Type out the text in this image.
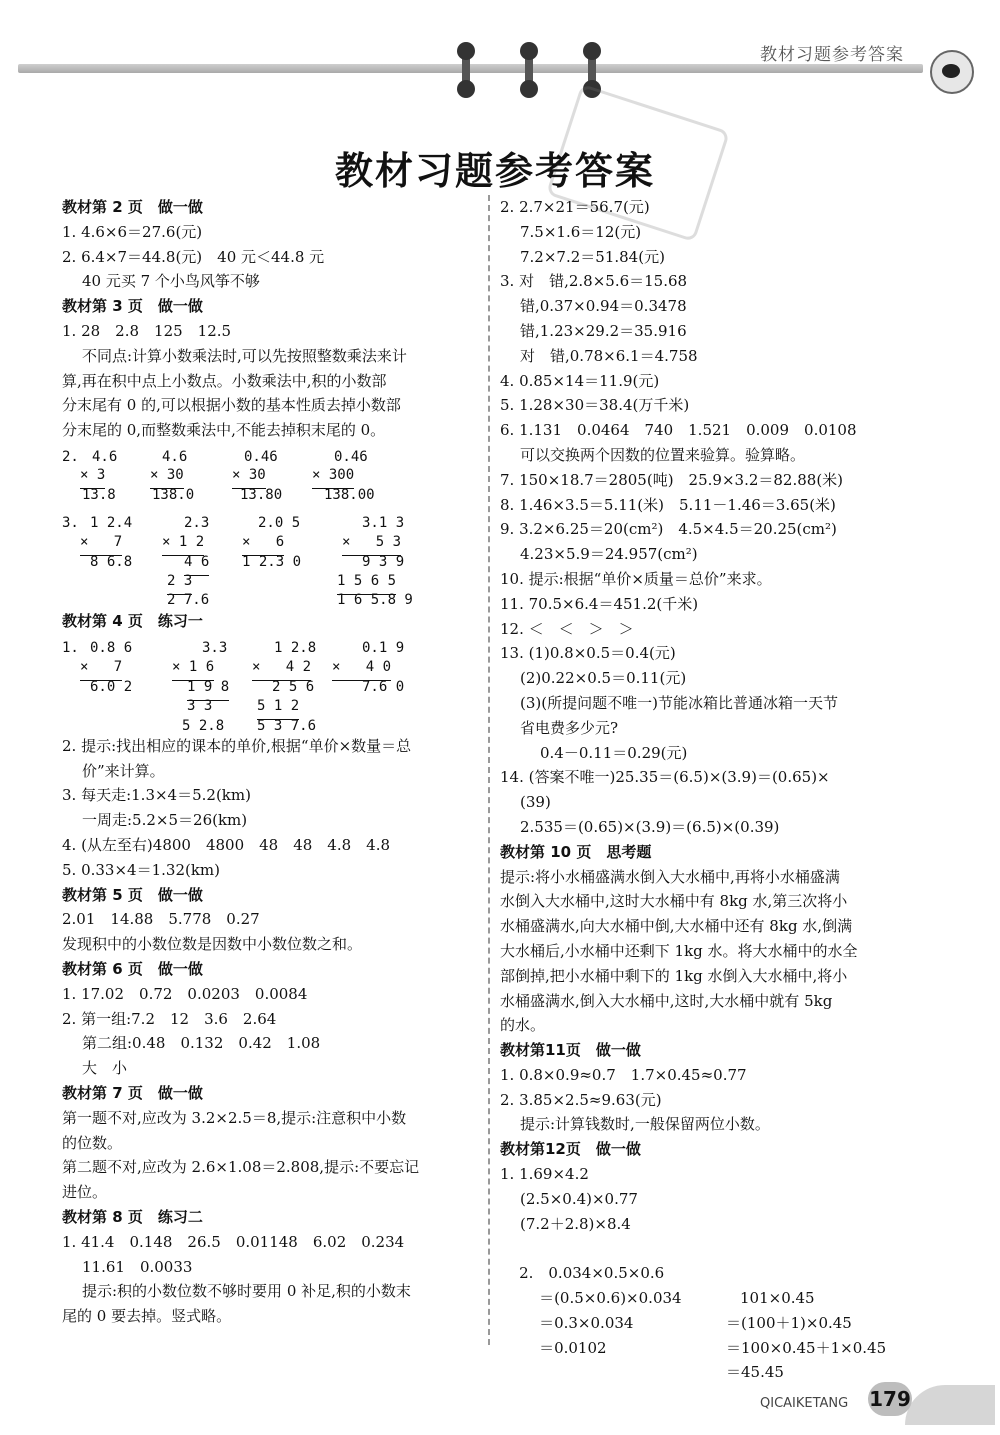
教材习题参考答案
教材习题参考答案
教材第 2 页　做一做
1. 4.6×6＝27.6(元)
2. 6.4×7＝44.8(元)　40 元＜44.8 元
40 元买 7 个小鸟风筝不够
教材第 3 页　做一做
1. 28　2.8　125　12.5
不同点:计算小数乘法时,可以先按照整数乘法来计
算,再在积中点上小数点。小数乘法中,积的小数部
分末尾有 0 的,可以根据小数的基本性质去掉小数部
分末尾的 0,而整数乘法中,不能去掉积末尾的 0。
2. 4.6
× 3
13.8
4.6
× 30
138.0
0.46
× 30
13.80
0.46
× 300
138.00
3. 1 2.4
×   7
8 6.8
2.3
× 1 2
4 6
2 3
2 7.6
2.0 5
×   6
1 2.3 0
3.1 3
×   5 3
9 3 9
1 5 6 5
1 6 5.8 9
教材第 4 页　练习一
1. 0.8 6
×   7
6.0 2
3.3
× 1 6
1 9 8
3 3
5 2.8
1 2.8
×   4 2
2 5 6
5 1 2
5 3 7.6
0.1 9
×   4 0
7.6 0
2. 提示:找出相应的课本的单价,根据“单价×数量＝总
价”来计算。
3. 每天走:1.3×4＝5.2(km)
一周走:5.2×5＝26(km)
4. (从左至右)4800　4800　48　48　4.8　4.8
5. 0.33×4＝1.32(km)
教材第 5 页　做一做
2.01　14.88　5.778　0.27
发现积中的小数位数是因数中小数位数之和。
教材第 6 页　做一做
1. 17.02　0.72　0.0203　0.0084
2. 第一组:7.2　12　3.6　2.64
第二组:0.48　0.132　0.42　1.08
大　小
教材第 7 页　做一做
第一题不对,应改为 3.2×2.5＝8,提示:注意积中小数
的位数。
第二题不对,应改为 2.6×1.08＝2.808,提示:不要忘记
进位。
教材第 8 页　练习二
1. 41.4　0.148　26.5　0.01148　6.02　0.234
11.61　0.0033
提示:积的小数位数不够时要用 0 补足,积的小数末
尾的 0 要去掉。竖式略。
2. 2.7×21＝56.7(元)
7.5×1.6＝12(元)
7.2×7.2＝51.84(元)
3. 对　错,2.8×5.6＝15.68
错,0.37×0.94＝0.3478
错,1.23×29.2＝35.916
对　错,0.78×6.1＝4.758
4. 0.85×14＝11.9(元)
5. 1.28×30＝38.4(万千米)
6. 1.131　0.0464　740　1.521　0.009　0.0108
可以交换两个因数的位置来验算。验算略。
7. 150×18.7＝2805(吨)　25.9×3.2＝82.88(米)
8. 1.46×3.5＝5.11(米)　5.11－1.46＝3.65(米)
9. 3.2×6.25＝20(cm²)　4.5×4.5＝20.25(cm²)
4.23×5.9＝24.957(cm²)
10. 提示:根据“单价×质量＝总价”来求。
11. 70.5×6.4＝451.2(千米)
12. ＜　＜　＞　＞
13. (1)0.8×0.5＝0.4(元)
(2)0.22×0.5＝0.11(元)
(3)(所提问题不唯一)节能冰箱比普通冰箱一天节
省电费多少元?
0.4－0.11＝0.29(元)
14. (答案不唯一)25.35＝(6.5)×(3.9)＝(0.65)×
(39)
2.535＝(0.65)×(3.9)＝(6.5)×(0.39)
教材第 10 页　思考题
提示:将小水桶盛满水倒入大水桶中,再将小水桶盛满
水倒入大水桶中,这时大水桶中有 8kg 水,第三次将小
水桶盛满水,向大水桶中倒,大水桶中还有 8kg 水,倒满
大水桶后,小水桶中还剩下 1kg 水。将大水桶中的水全
部倒掉,把小水桶中剩下的 1kg 水倒入大水桶中,将小
水桶盛满水,倒入大水桶中,这时,大水桶中就有 5kg
的水。
教材第11页　做一做
1. 0.8×0.9≈0.7　1.7×0.45≈0.77
2. 3.85×2.5≈9.63(元)
提示:计算钱数时,一般保留两位小数。
教材第12页　做一做
1. 1.69×4.2
(2.5×0.4)×0.77
(7.2＋2.8)×8.4

2.　0.034×0.5×0.6

101×0.45

＝(0.5×0.6)×0.034

＝(100＋1)×0.45

＝0.3×0.034

＝100×0.45＋1×0.45

＝0.0102

＝45.45

QICAIKETANG 179
